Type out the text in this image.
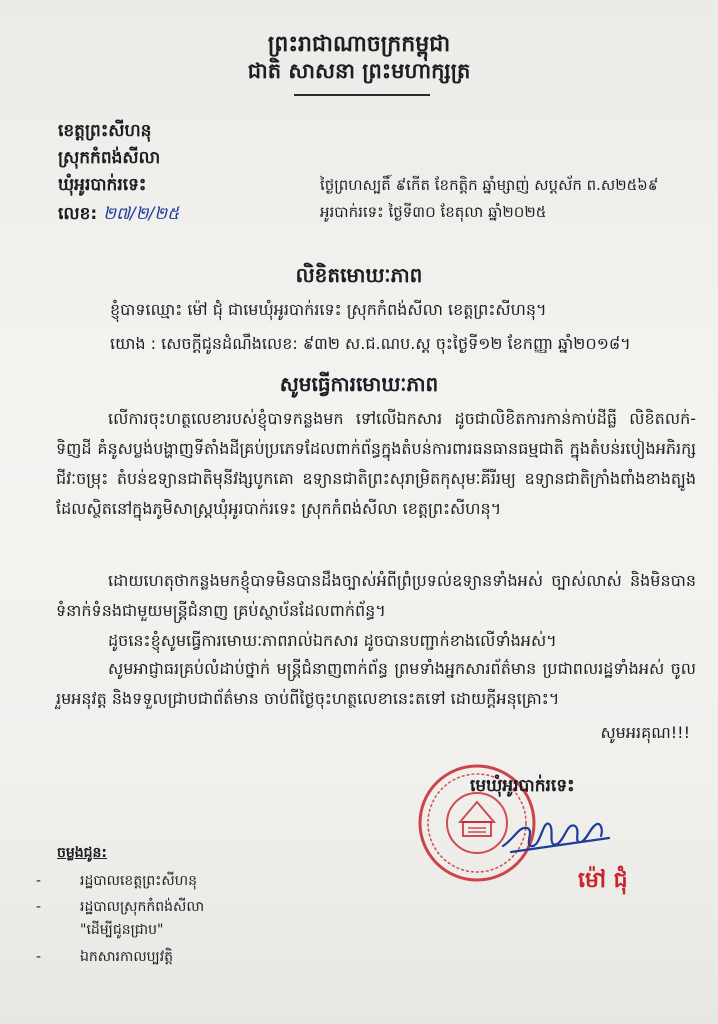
ព្រះរាជាណាចក្រកម្ពុជា
ជាតិ សាសនា ព្រះមហាក្សត្រ
ខេត្តព្រះសីហនុ
ស្រុកកំពង់សីលា
ឃុំអូរបាក់រទេះ
លេខ: ២៧/២/២៥
ថ្ងៃព្រហស្បតិ៍ ៩កើត ខែកត្តិក ឆ្នាំម្សាញ់ សប្តស័ក ព.ស២៥៦៩
អូរបាក់រទេះ ថ្ងៃទី៣០ ខែតុលា ឆ្នាំ២០២៥
លិខិតមោឃៈភាព
ខ្ញុំបាទឈ្មោះ ម៉ៅ ជុំ ជាមេឃុំអូរបាក់រទេះ ស្រុកកំពង់សីលា ខេត្តព្រះសីហនុ។
យោង : សេចក្តីជូនដំណឹងលេខ: ៩៣២ ស.ជ.ណប.ស្ត ចុះថ្ងៃទី១២ ខែកញ្ញា ឆ្នាំ២០១៨។
សូមធ្វើការមោឃៈភាព
លើការចុះហត្ថលេខារបស់ខ្ញុំបាទកន្លងមក ទៅលើឯកសារ ដូចជាលិខិតការកាន់កាប់ដីធ្លី លិខិតលក់-ទិញដី គំនូសប្លង់បង្ហាញទីតាំងដីគ្រប់ប្រភេទដែលពាក់ព័ន្ធក្នុងតំបន់ការពារធនធានធម្មជាតិ ក្នុងតំបន់របៀងអភិរក្សជីវៈចម្រុះ តំបន់ឧទ្យានជាតិមុនីវង្សបូកគោ ឧទ្យានជាតិព្រះសុរាម្រិតកុសុមៈគីរីរម្យ ឧទ្យានជាតិក្រាំងពាំងខាងត្បូង ដែលស្ថិតនៅក្នុងភូមិសាស្ត្រឃុំអូរបាក់រទេះ ស្រុកកំពង់សីលា ខេត្តព្រះសីហនុ។
ដោយហេតុថាកន្លងមកខ្ញុំបាទមិនបានដឹងច្បាស់អំពីព្រំប្រទល់ឧទ្យានទាំងអស់ ច្បាស់លាស់ និងមិនបានទំនាក់ទំនងជាមួយមន្ត្រីជំនាញ គ្រប់ស្ថាប័នដែលពាក់ព័ន្ធ។
ដូចនេះខ្ញុំសូមធ្វើការមោឃៈភាពរាល់ឯកសារ ដូចបានបញ្ជាក់ខាងលើទាំងអស់។
សូមអាជ្ញាធរគ្រប់លំដាប់ថ្នាក់ មន្ត្រីជំនាញពាក់ព័ន្ធ ព្រមទាំងអ្នកសារព័ត៌មាន ប្រជាពលរដ្ឋទាំងអស់ ចូលរួមអនុវត្ត និងទទួលជ្រាបជាព័ត៌មាន ចាប់ពីថ្ងៃចុះហត្ថលេខានេះតទៅ ដោយក្តីអនុគ្រោះ។
សូមអរគុណ!!!
មេឃុំអូរបាក់រទេះ
ម៉ៅ ជុំ
ចម្លងជូន:
-	រដ្ឋបាលខេត្តព្រះសីហនុ
-	រដ្ឋបាលស្រុកកំពង់សីលា
"ដើម្បីជូនជ្រាប"
-	ឯកសារកាលប្បវត្តិ
